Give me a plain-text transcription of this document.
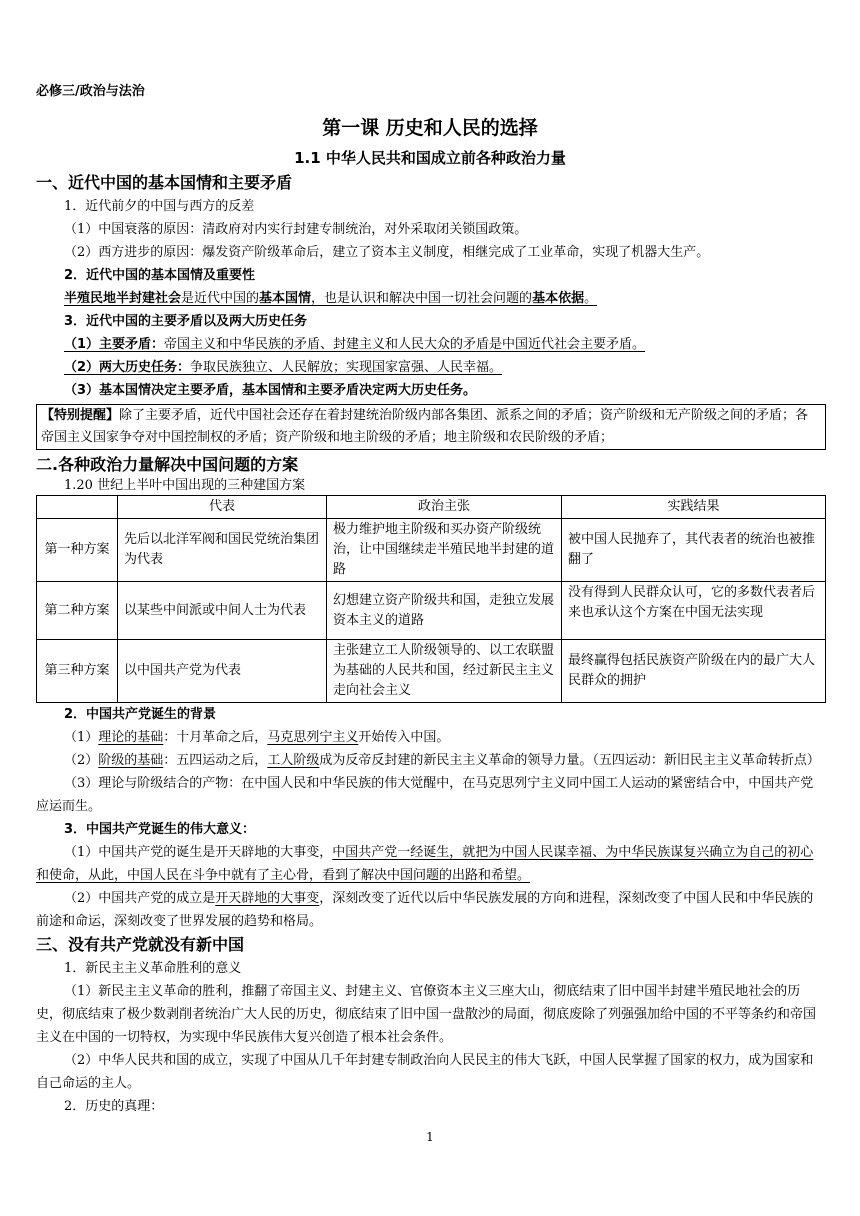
必修三/政治与法治
第一课 历史和人民的选择
1.1 中华人民共和国成立前各种政治力量
一、近代中国的基本国情和主要矛盾

1．近代前夕的中国与西方的反差

（1）中国衰落的原因：清政府对内实行封建专制统治，对外采取闭关锁国政策。

（2）西方进步的原因：爆发资产阶级革命后，建立了资本主义制度，相继完成了工业革命，实现了机器大生产。

2．近代中国的基本国情及重要性

半殖民地半封建社会是近代中国的基本国情，也是认识和解决中国一切社会问题的基本依据。

3．近代中国的主要矛盾以及两大历史任务

（1）主要矛盾：帝国主义和中华民族的矛盾、封建主义和人民大众的矛盾是中国近代社会主要矛盾。

（2）两大历史任务：争取民族独立、人民解放；实现国家富强、人民幸福。

（3）基本国情决定主要矛盾，基本国情和主要矛盾决定两大历史任务。

【特别提醒】除了主要矛盾，近代中国社会还存在着封建统治阶级内部各集团、派系之间的矛盾；资产阶级和无产阶级之间的矛盾；各帝国主义国家争夺对中国控制权的矛盾；资产阶级和地主阶级的矛盾；地主阶级和农民阶级的矛盾；
二.各种政治力量解决中国问题的方案

1.20 世纪上半叶中国出现的三种建国方案

	代表	政治主张	实践结果
第一种方案	先后以北洋军阀和国民党统治集团为代表	极力维护地主阶级和买办资产阶级统治，让中国继续走半殖民地半封建的道路	被中国人民抛弃了，其代表者的统治也被推翻了
第二种方案	以某些中间派或中间人士为代表	幻想建立资产阶级共和国，走独立发展资本主义的道路	没有得到人民群众认可，它的多数代表者后来也承认这个方案在中国无法实现
第三种方案	以中国共产党为代表	主张建立工人阶级领导的、以工农联盟为基础的人民共和国，经过新民主主义走向社会主义	最终赢得包括民族资产阶级在内的最广大人民群众的拥护

2．中国共产党诞生的背景

（1）理论的基础：十月革命之后，马克思列宁主义开始传入中国。

（2）阶级的基础：五四运动之后，工人阶级成为反帝反封建的新民主主义革命的领导力量。（五四运动：新旧民主主义革命转折点）

（3）理论与阶级结合的产物：在中国人民和中华民族的伟大觉醒中，在马克思列宁主义同中国工人运动的紧密结合中，中国共产党应运而生。

3．中国共产党诞生的伟大意义：

（1）中国共产党的诞生是开天辟地的大事变，中国共产党一经诞生，就把为中国人民谋幸福、为中华民族谋复兴确立为自己的初心和使命，从此，中国人民在斗争中就有了主心骨，看到了解决中国问题的出路和希望。

（2）中国共产党的成立是开天辟地的大事变，深刻改变了近代以后中华民族发展的方向和进程，深刻改变了中国人民和中华民族的前途和命运，深刻改变了世界发展的趋势和格局。

三、没有共产党就没有新中国

1．新民主主义革命胜利的意义

（1）新民主主义革命的胜利，推翻了帝国主义、封建主义、官僚资本主义三座大山，彻底结束了旧中国半封建半殖民地社会的历史，彻底结束了极少数剥削者统治广大人民的历史，彻底结束了旧中国一盘散沙的局面，彻底废除了列强强加给中国的不平等条约和帝国主义在中国的一切特权，为实现中华民族伟大复兴创造了根本社会条件。

（2）中华人民共和国的成立，实现了中国从几千年封建专制政治向人民民主的伟大飞跃，中国人民掌握了国家的权力，成为国家和自己命运的主人。

2．历史的真理：

1
